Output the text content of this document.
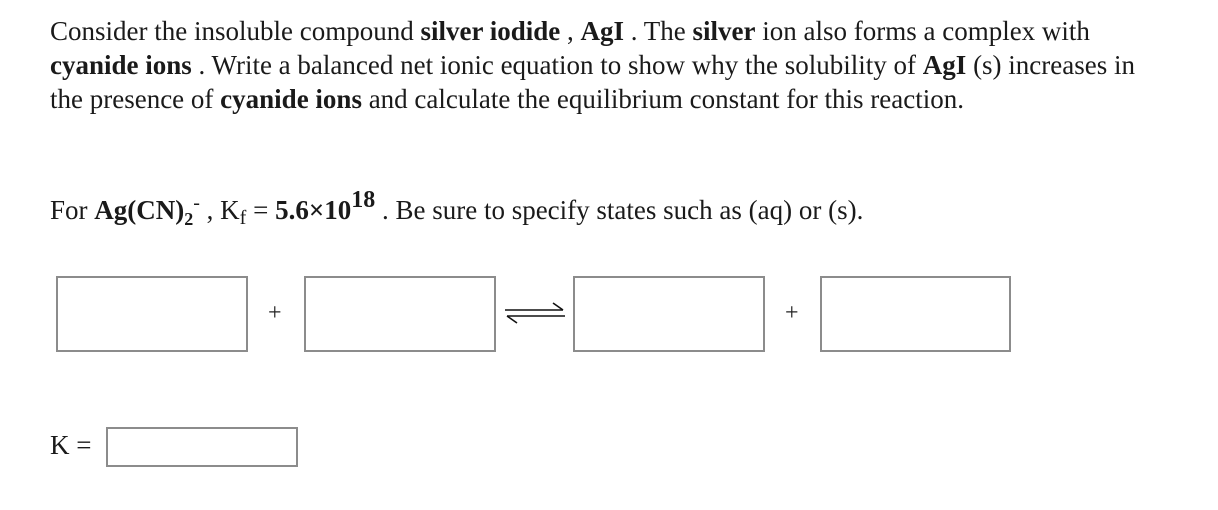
Consider the insoluble compound silver iodide , AgI . The silver ion also forms a complex with cyanide ions . Write a balanced net ionic equation to show why the solubility of AgI (s) increases in the presence of cyanide ions and calculate the equilibrium constant for this reaction.
For $Ag(CN)_2^-$ , $K_f = 5.6\times 1018$ . Be sure to specify states such as (aq) or (s).
+	+
K =
